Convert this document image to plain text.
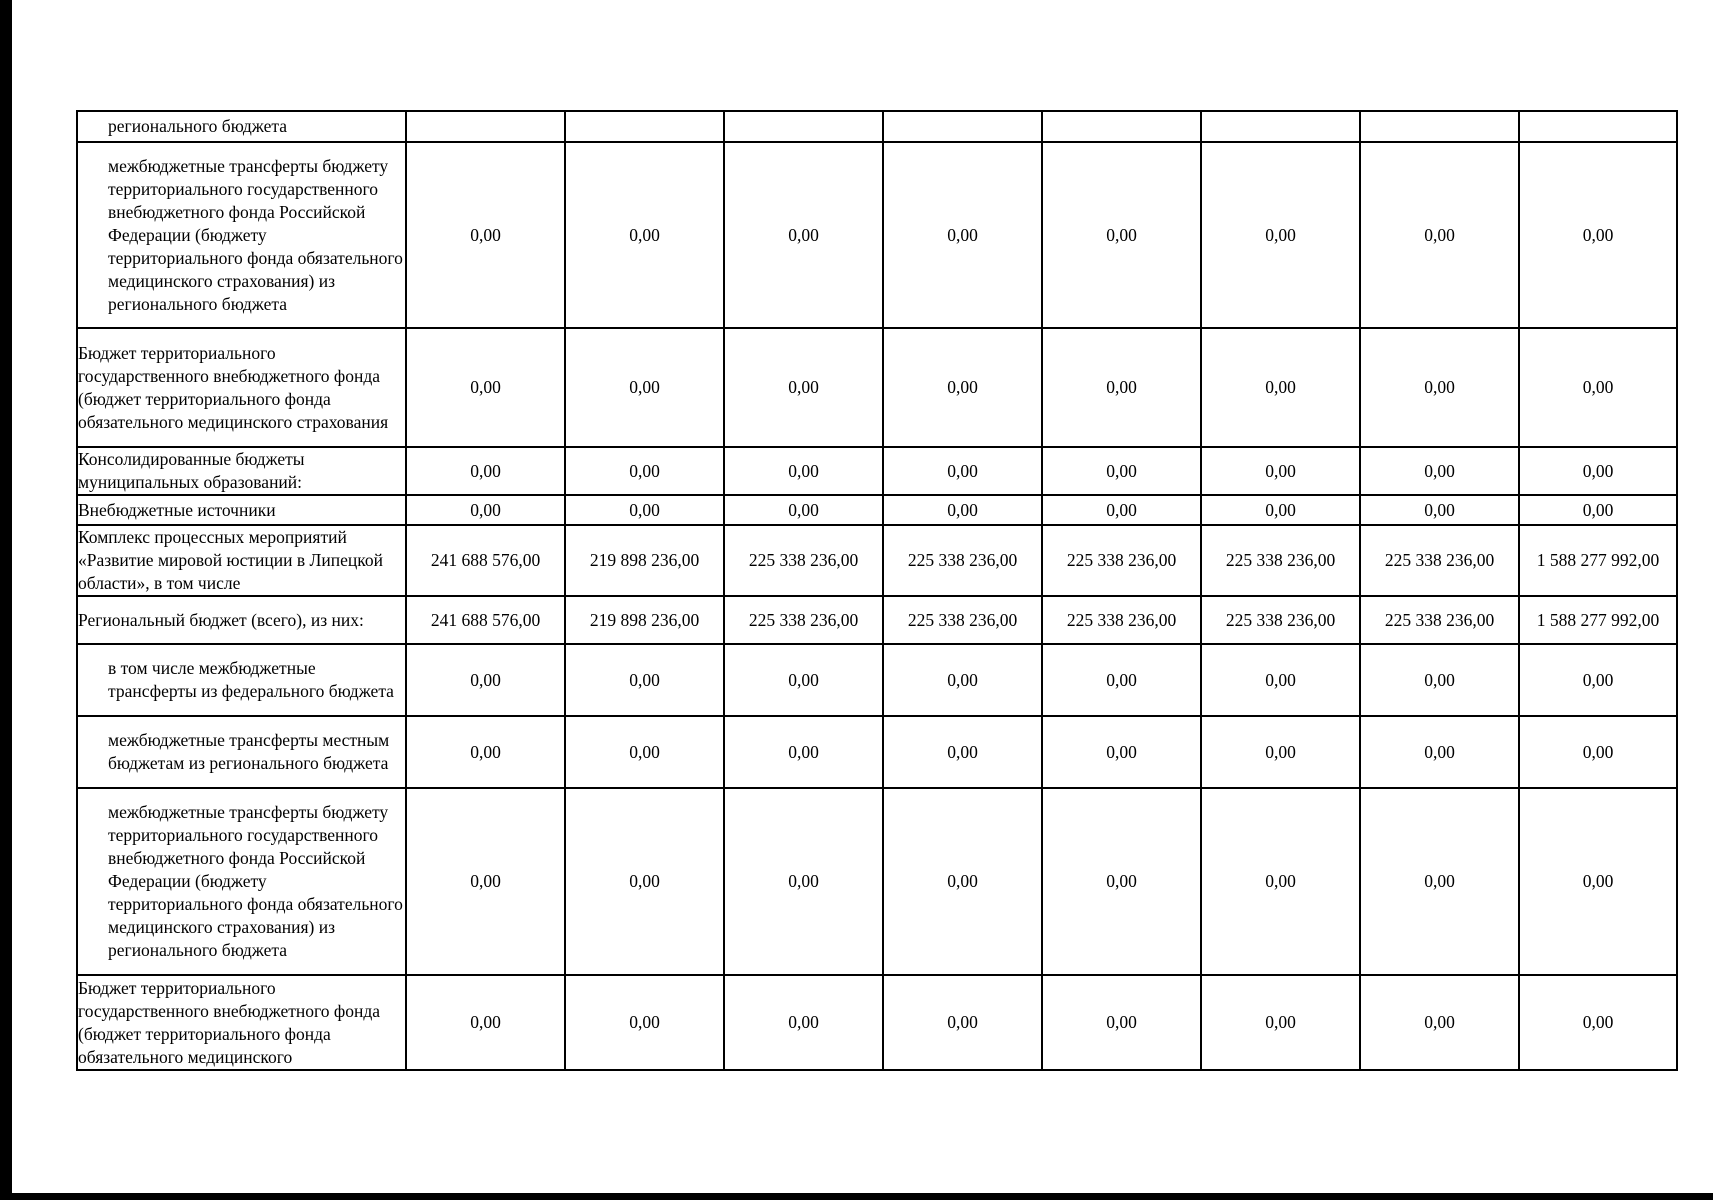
регионального бюджета								
межбюджетные трансферты бюджету территориального государственного внебюджетного фонда Российской Федерации (бюджету территориального фонда обязательного медицинского страхования) из регионального бюджета	0,00	0,00	0,00	0,00	0,00	0,00	0,00	0,00
Бюджет территориального государственного внебюджетного фонда (бюджет территориального фонда обязательного медицинского страхования	0,00	0,00	0,00	0,00	0,00	0,00	0,00	0,00
Консолидированные бюджеты муниципальных образований:	0,00	0,00	0,00	0,00	0,00	0,00	0,00	0,00
Внебюджетные источники	0,00	0,00	0,00	0,00	0,00	0,00	0,00	0,00
Комплекс процессных мероприятий «Развитие мировой юстиции в Липецкой области», в том числе	241 688 576,00	219 898 236,00	225 338 236,00	225 338 236,00	225 338 236,00	225 338 236,00	225 338 236,00	1 588 277 992,00
Региональный бюджет (всего), из них:	241 688 576,00	219 898 236,00	225 338 236,00	225 338 236,00	225 338 236,00	225 338 236,00	225 338 236,00	1 588 277 992,00
в том числе межбюджетные трансферты из федерального бюджета	0,00	0,00	0,00	0,00	0,00	0,00	0,00	0,00
межбюджетные трансферты местным бюджетам из регионального бюджета	0,00	0,00	0,00	0,00	0,00	0,00	0,00	0,00
межбюджетные трансферты бюджету территориального государственного внебюджетного фонда Российской Федерации (бюджету территориального фонда обязательного медицинского страхования) из регионального бюджета	0,00	0,00	0,00	0,00	0,00	0,00	0,00	0,00
Бюджет территориального государственного внебюджетного фонда (бюджет территориального фонда обязательного медицинского	0,00	0,00	0,00	0,00	0,00	0,00	0,00	0,00
